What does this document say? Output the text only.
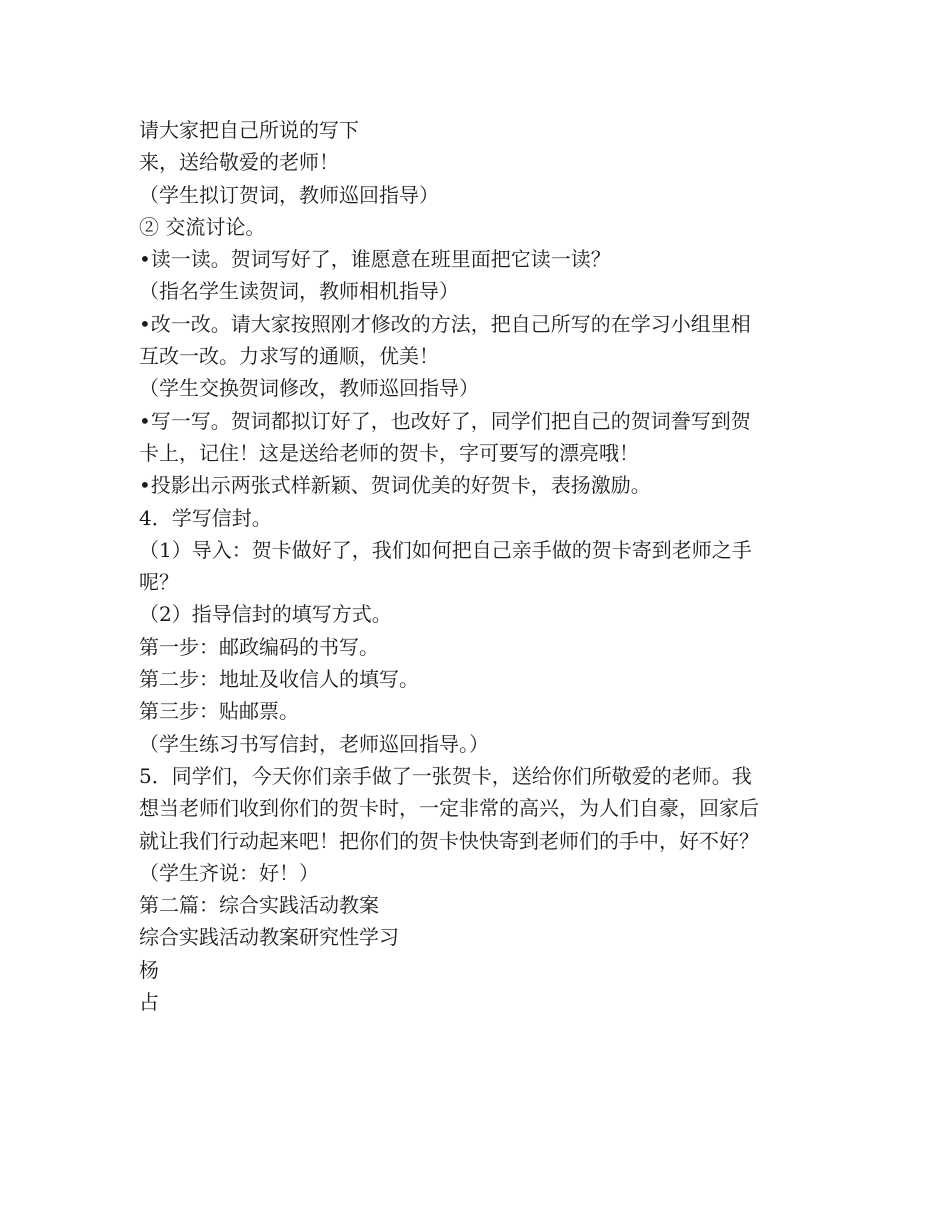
请大家把自己所说的写下
来，送给敬爱的老师！
（学生拟订贺词，教师巡回指导）
② 交流讨论。
•读一读。贺词写好了，谁愿意在班里面把它读一读？
（指名学生读贺词，教师相机指导）
•改一改。请大家按照刚才修改的方法，把自己所写的在学习小组里相
互改一改。力求写的通顺，优美！
（学生交换贺词修改，教师巡回指导）
•写一写。贺词都拟订好了，也改好了，同学们把自己的贺词誊写到贺
卡上，记住！这是送给老师的贺卡，字可要写的漂亮哦！
•投影出示两张式样新颖、贺词优美的好贺卡，表扬激励。
4．学写信封。
（1）导入：贺卡做好了，我们如何把自己亲手做的贺卡寄到老师之手
呢？
（2）指导信封的填写方式。
第一步：邮政编码的书写。
第二步：地址及收信人的填写。
第三步：贴邮票。
（学生练习书写信封，老师巡回指导。）
5．同学们，今天你们亲手做了一张贺卡，送给你们所敬爱的老师。我
想当老师们收到你们的贺卡时，一定非常的高兴，为人们自豪，回家后
就让我们行动起来吧！把你们的贺卡快快寄到老师们的手中，好不好？
（学生齐说：好！）
第二篇：综合实践活动教案
综合实践活动教案研究性学习
杨
占
